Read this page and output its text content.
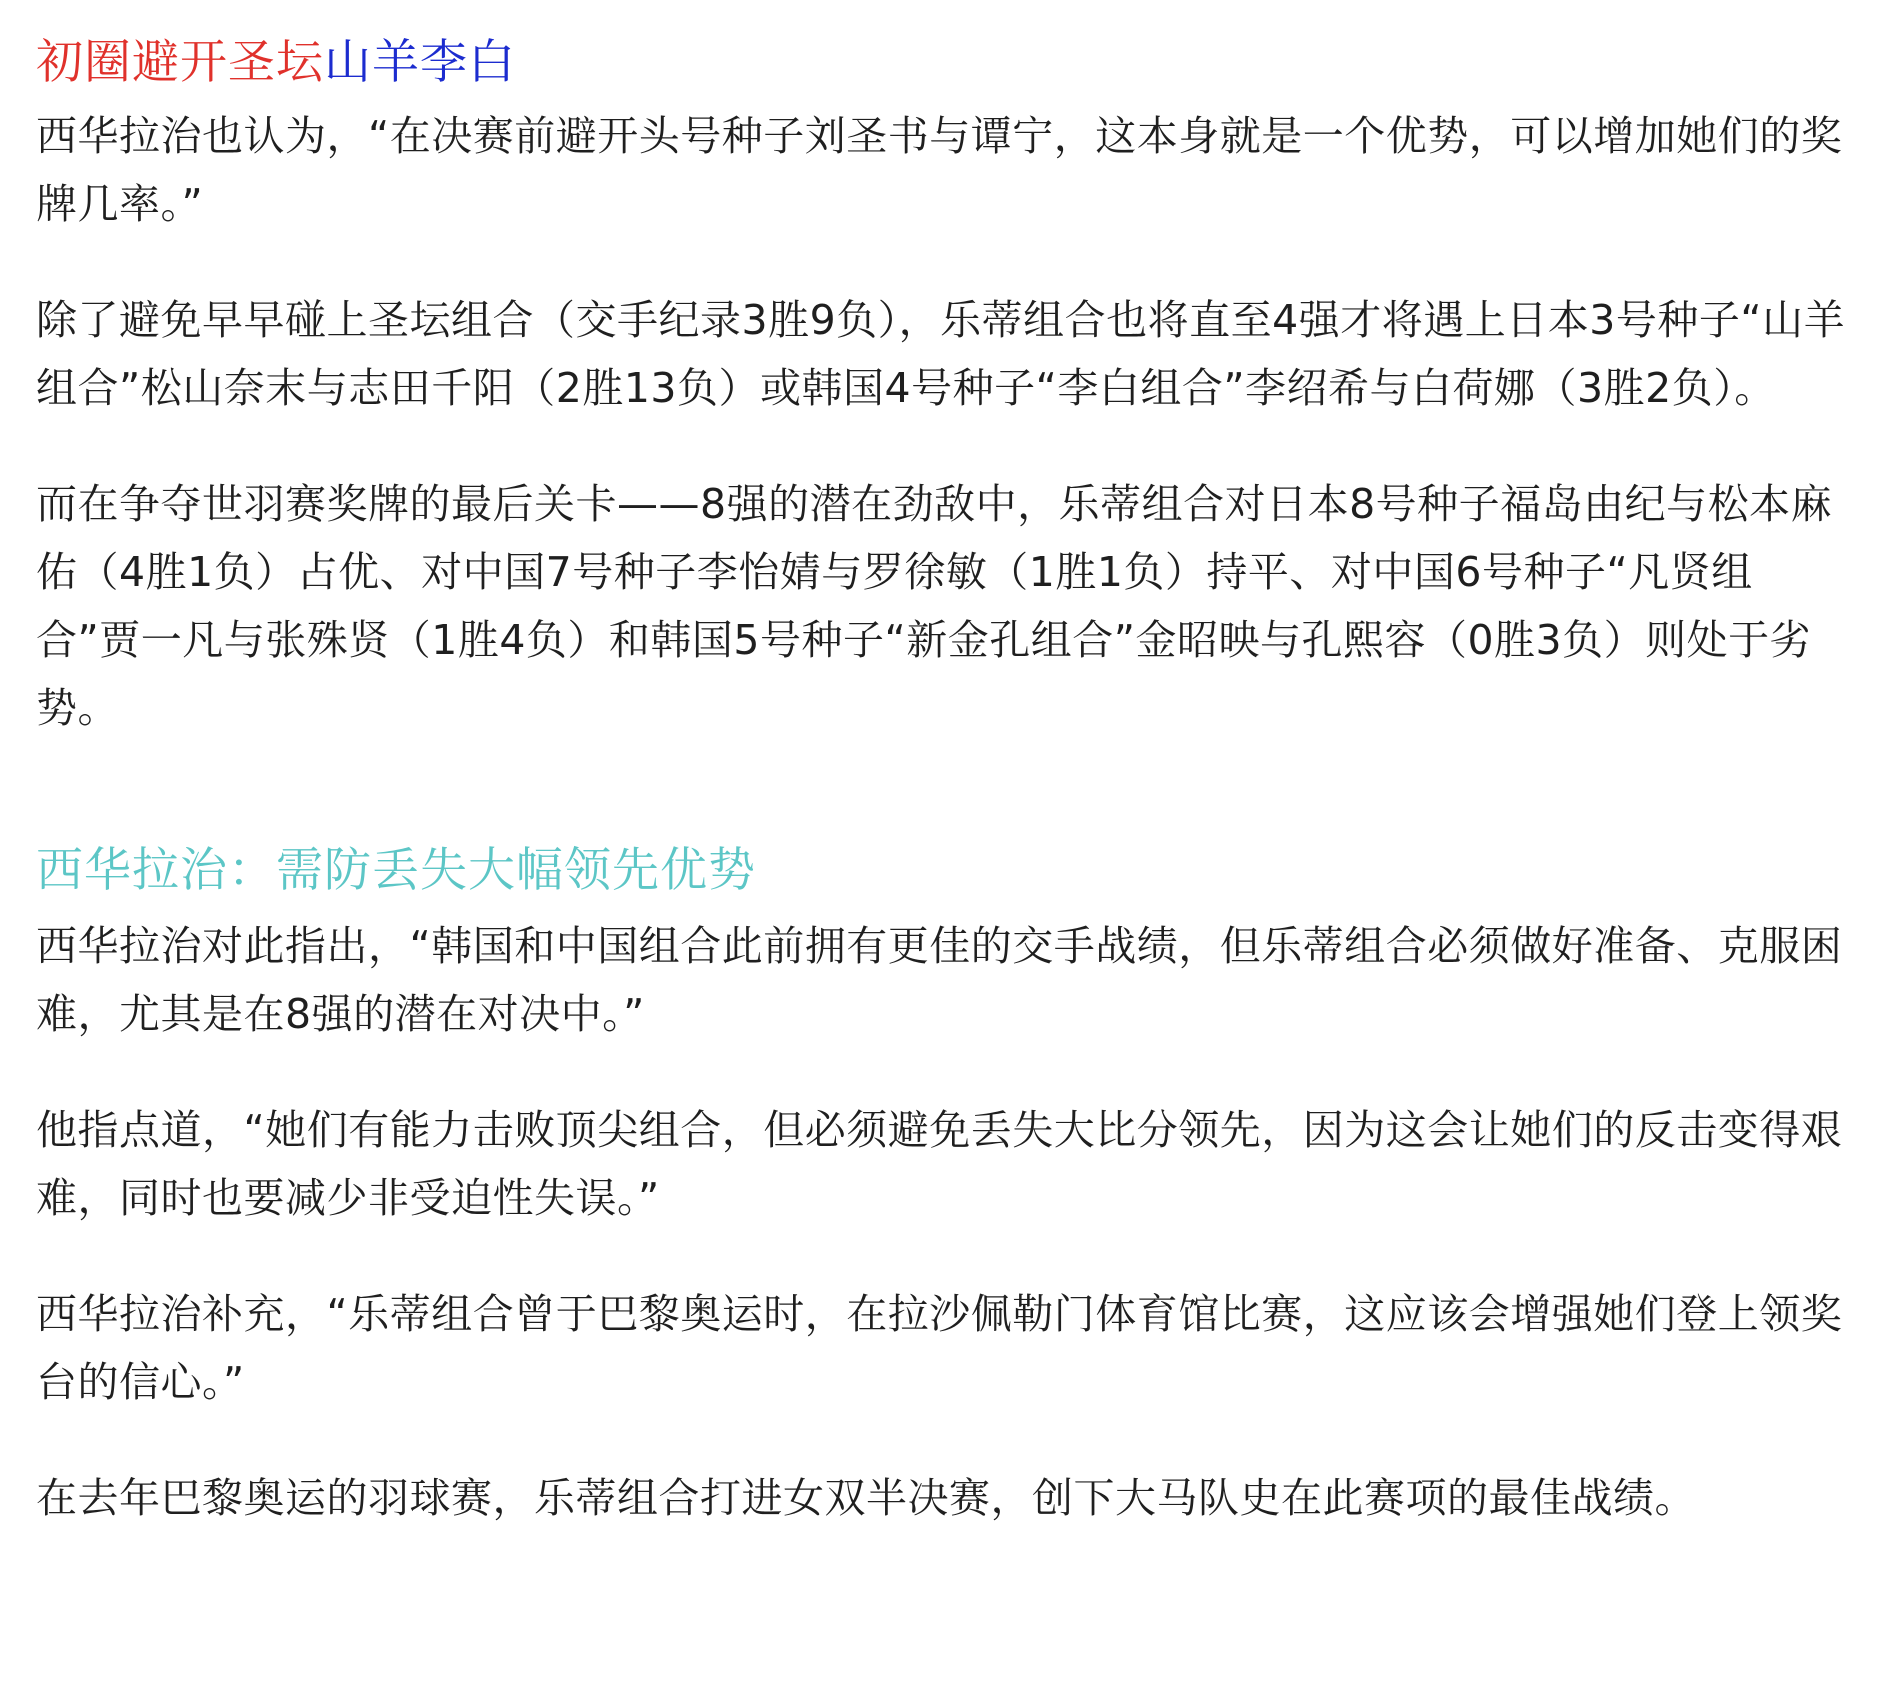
初圈避开圣坛山羊李白

西华拉治也认为，“在决赛前避开头号种子刘圣书与谭宁，这本身就是一个优势，可以增加她们的奖牌几率。”

除了避免早早碰上圣坛组合（交手纪录3胜9负），乐蒂组合也将直至4强才将遇上日本3号种子“山羊组合”松山奈末与志田千阳（2胜13负）或韩国4号种子“李白组合”李绍希与白荷娜（3胜2负）。

而在争夺世羽赛奖牌的最后关卡——8强的潜在劲敌中，乐蒂组合对日本8号种子福岛由纪与松本麻佑（4胜1负）占优、对中国7号种子李怡婧与罗徐敏（1胜1负）持平、对中国6号种子“凡贤组合”贾一凡与张殊贤（1胜4负）和韩国5号种子“新金孔组合”金昭映与孔熙容（0胜3负）则处于劣势。

西华拉治：需防丢失大幅领先优势

西华拉治对此指出，“韩国和中国组合此前拥有更佳的交手战绩，但乐蒂组合必须做好准备、克服困难，尤其是在8强的潜在对决中。”

他指点道，“她们有能力击败顶尖组合，但必须避免丢失大比分领先，因为这会让她们的反击变得艰难，同时也要减少非受迫性失误。”

西华拉治补充，“乐蒂组合曾于巴黎奥运时，在拉沙佩勒门体育馆比赛，这应该会增强她们登上领奖台的信心。”

在去年巴黎奥运的羽球赛，乐蒂组合打进女双半决赛，创下大马队史在此赛项的最佳战绩。
